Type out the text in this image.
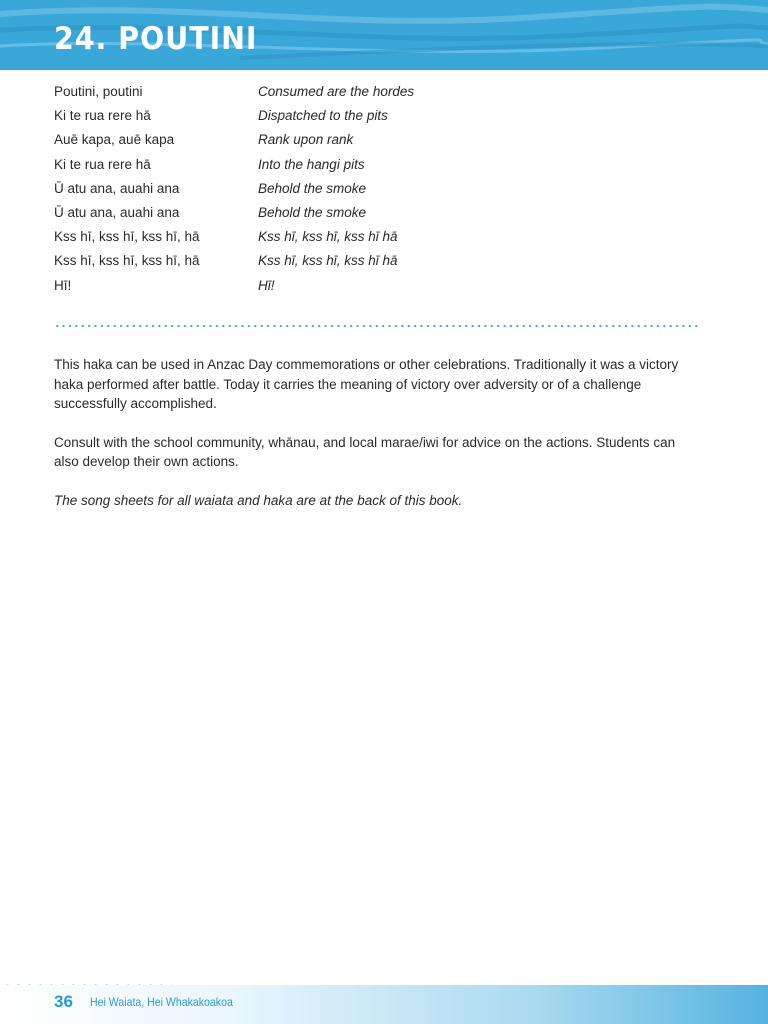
24. POUTINI
Poutini, poutini	Consumed are the hordes
Ki te rua rere hā	Dispatched to the pits
Auē kapa, auē kapa	Rank upon rank
Ki te rua rere hā	Into the hangi pits
Ū atu ana, auahi ana	Behold the smoke
Ū atu ana, auahi ana	Behold the smoke
Kss hī, kss hī, kss hī, hā	Kss hī, kss hī, kss hī hā
Kss hī, kss hī, kss hī, hā	Kss hī, kss hī, kss hī hā
Hī!	Hī!

This haka can be used in Anzac Day commemorations or other celebrations. Traditionally it was a victory haka performed after battle. Today it carries the meaning of victory over adversity or of a challenge successfully accomplished.

Consult with the school community, whānau, and local marae/iwi for advice on the actions. Students can also develop their own actions.

The song sheets for all waiata and haka are at the back of this book.

36 Hei Waiata, Hei Whakakoakoa
